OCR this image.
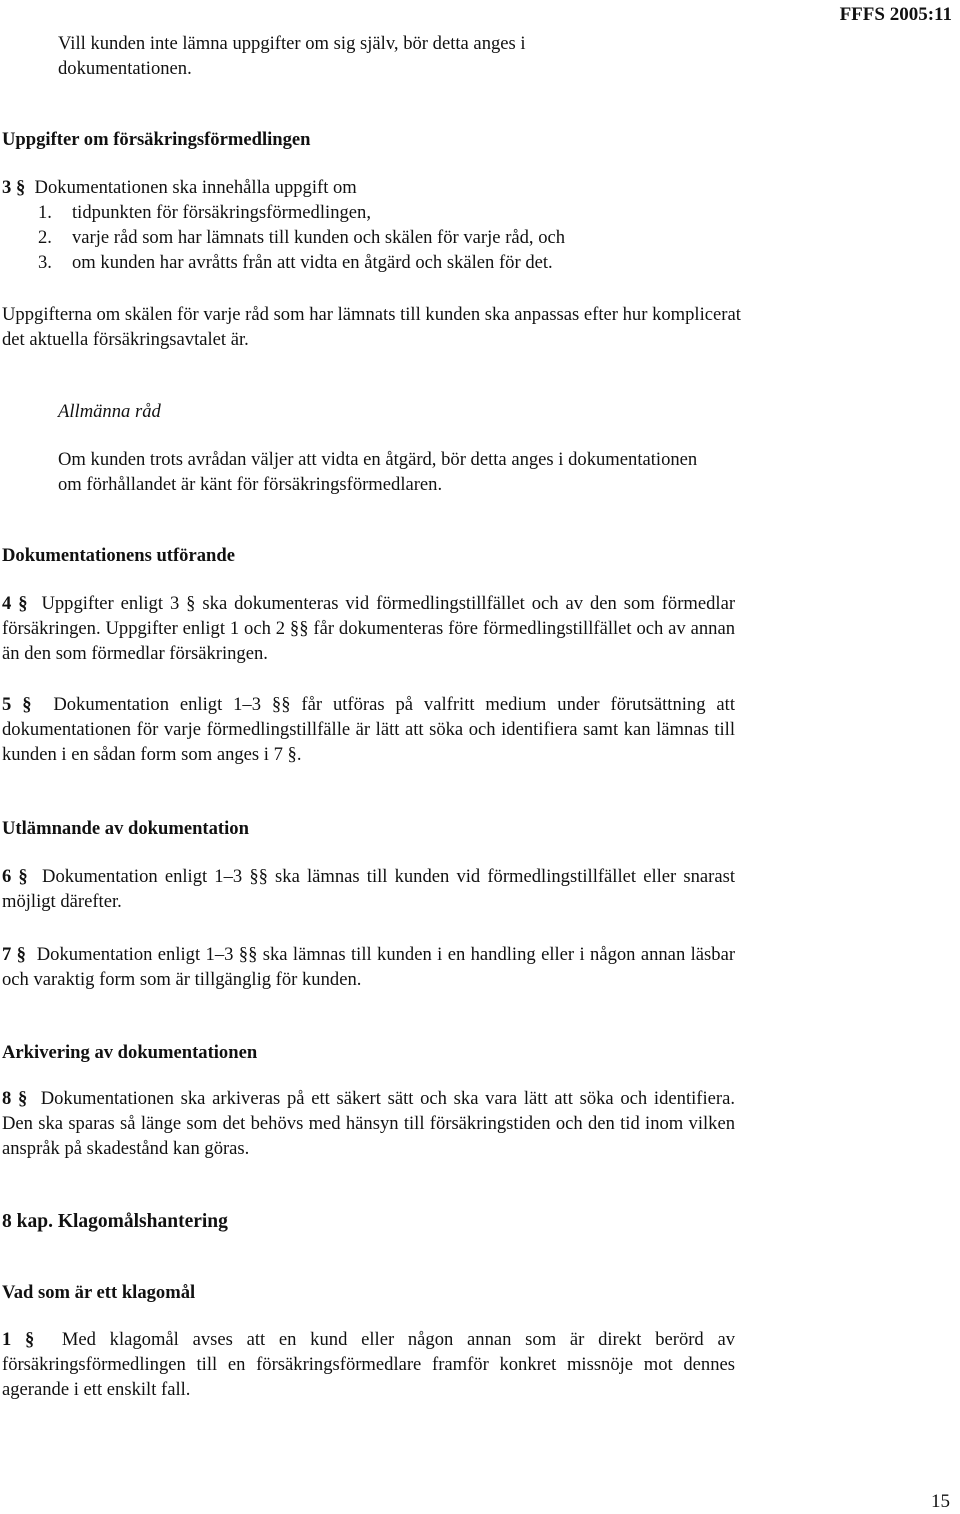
FFFS 2005:11

Vill kunden inte lämna uppgifter om sig själv, bör detta anges i dokumentationen.

Uppgifter om försäkringsförmedlingen

3 § Dokumentationen ska innehålla uppgift om

1.	tidpunkten för försäkringsförmedlingen,
2.	varje råd som har lämnats till kunden och skälen för varje råd, och
3.	om kunden har avråtts från att vidta en åtgärd och skälen för det.

Uppgifterna om skälen för varje råd som har lämnats till kunden ska anpassas efter hur komplicerat det aktuella försäkringsavtalet är.

Allmänna råd

Om kunden trots avrådan väljer att vidta en åtgärd, bör detta anges i dokumentationen om förhållandet är känt för försäkringsförmedlaren.

Dokumentationens utförande

4 § Uppgifter enligt 3 § ska dokumenteras vid förmedlingstillfället och av den som förmedlar försäkringen. Uppgifter enligt 1 och 2 §§ får dokumenteras före förmedlingstillfället och av annan än den som förmedlar försäkringen.

5 § Dokumentation enligt 1–3 §§ får utföras på valfritt medium under förutsättning att dokumentationen för varje förmedlingstillfälle är lätt att söka och identifiera samt kan lämnas till kunden i en sådan form som anges i 7 §.

Utlämnande av dokumentation

6 § Dokumentation enligt 1–3 §§ ska lämnas till kunden vid förmedlingstillfället eller snarast möjligt därefter.

7 § Dokumentation enligt 1–3 §§ ska lämnas till kunden i en handling eller i någon annan läsbar och varaktig form som är tillgänglig för kunden.

Arkivering av dokumentationen

8 § Dokumentationen ska arkiveras på ett säkert sätt och ska vara lätt att söka och identifiera. Den ska sparas så länge som det behövs med hänsyn till försäkringstiden och den tid inom vilken anspråk på skadestånd kan göras.

8 kap. Klagomålshantering
Vad som är ett klagomål

1 § Med klagomål avses att en kund eller någon annan som är direkt berörd av försäkringsförmedlingen till en försäkringsförmedlare framför konkret missnöje mot dennes agerande i ett enskilt fall.

15
